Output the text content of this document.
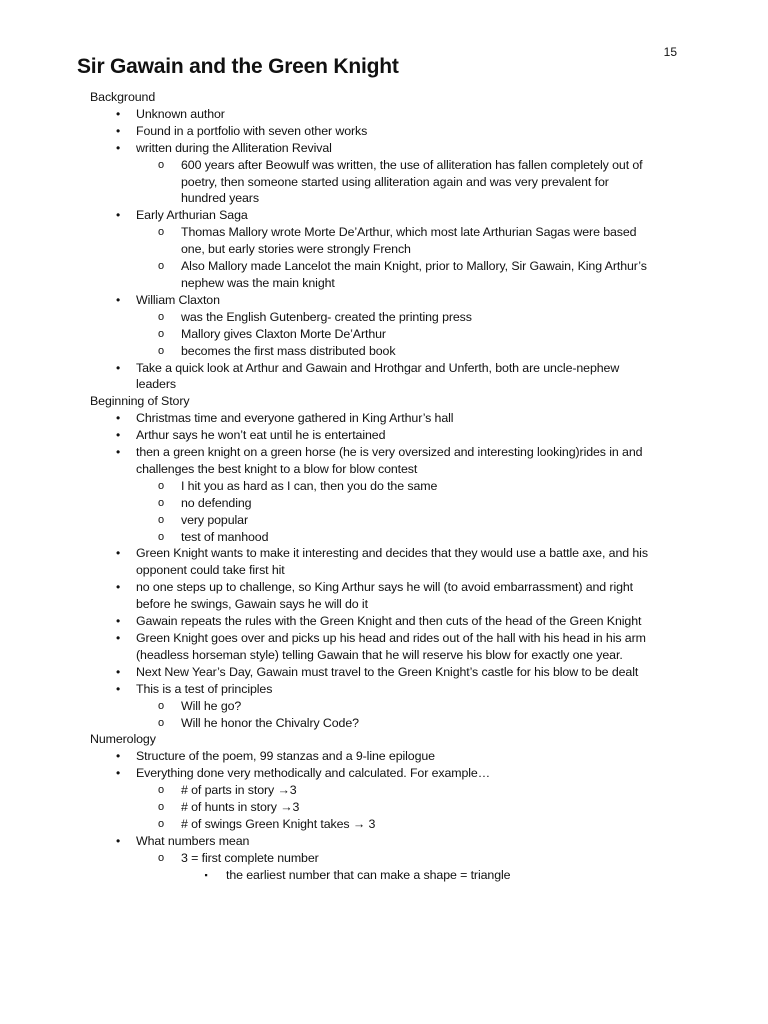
15
Sir Gawain and the Green Knight
Background
•	Unknown author
•	Found in a portfolio with seven other works
•	written during the Alliteration Revival
o 600 years after Beowulf was written, the use of alliteration has fallen completely out of
poetry, then someone started using alliteration again and was very prevalent for
hundred years
•	Early Arthurian Saga
o Thomas Mallory wrote Morte De’Arthur, which most late Arthurian Sagas were based
one, but early stories were strongly French
o Also Mallory made Lancelot the main Knight, prior to Mallory, Sir Gawain, King Arthur’s
nephew was the main knight
•	William Claxton
o was the English Gutenberg- created the printing press
o Mallory gives Claxton Morte De’Arthur
o becomes the first mass distributed book
•	Take a quick look at Arthur and Gawain and Hrothgar and Unferth, both are uncle-nephew
leaders
Beginning of Story
•	Christmas time and everyone gathered in King Arthur’s hall
•	Arthur says he won’t eat until he is entertained
•	then a green knight on a green horse (he is very oversized and interesting looking)rides in and
challenges the best knight to a blow for blow contest
o I hit you as hard as I can, then you do the same
o no defending
o very popular
o test of manhood
•	Green Knight wants to make it interesting and decides that they would use a battle axe, and his
opponent could take first hit
•	no one steps up to challenge, so King Arthur says he will (to avoid embarrassment) and right
before he swings, Gawain says he will do it
•	Gawain repeats the rules with the Green Knight and then cuts of the head of the Green Knight
•	Green Knight goes over and picks up his head and rides out of the hall with his head in his arm
(headless horseman style) telling Gawain that he will reserve his blow for exactly one year.
•	Next New Year’s Day, Gawain must travel to the Green Knight’s castle for his blow to be dealt
•	This is a test of principles
o Will he go?
o Will he honor the Chivalry Code?
Numerology
•	Structure of the poem, 99 stanzas and a 9-line epilogue
•	Everything done very methodically and calculated. For example…
o # of parts in story →3
o # of hunts in story →3
o # of swings Green Knight takes → 3
•	What numbers mean
o 3 = first complete number
▪	the earliest number that can make a shape = triangle
